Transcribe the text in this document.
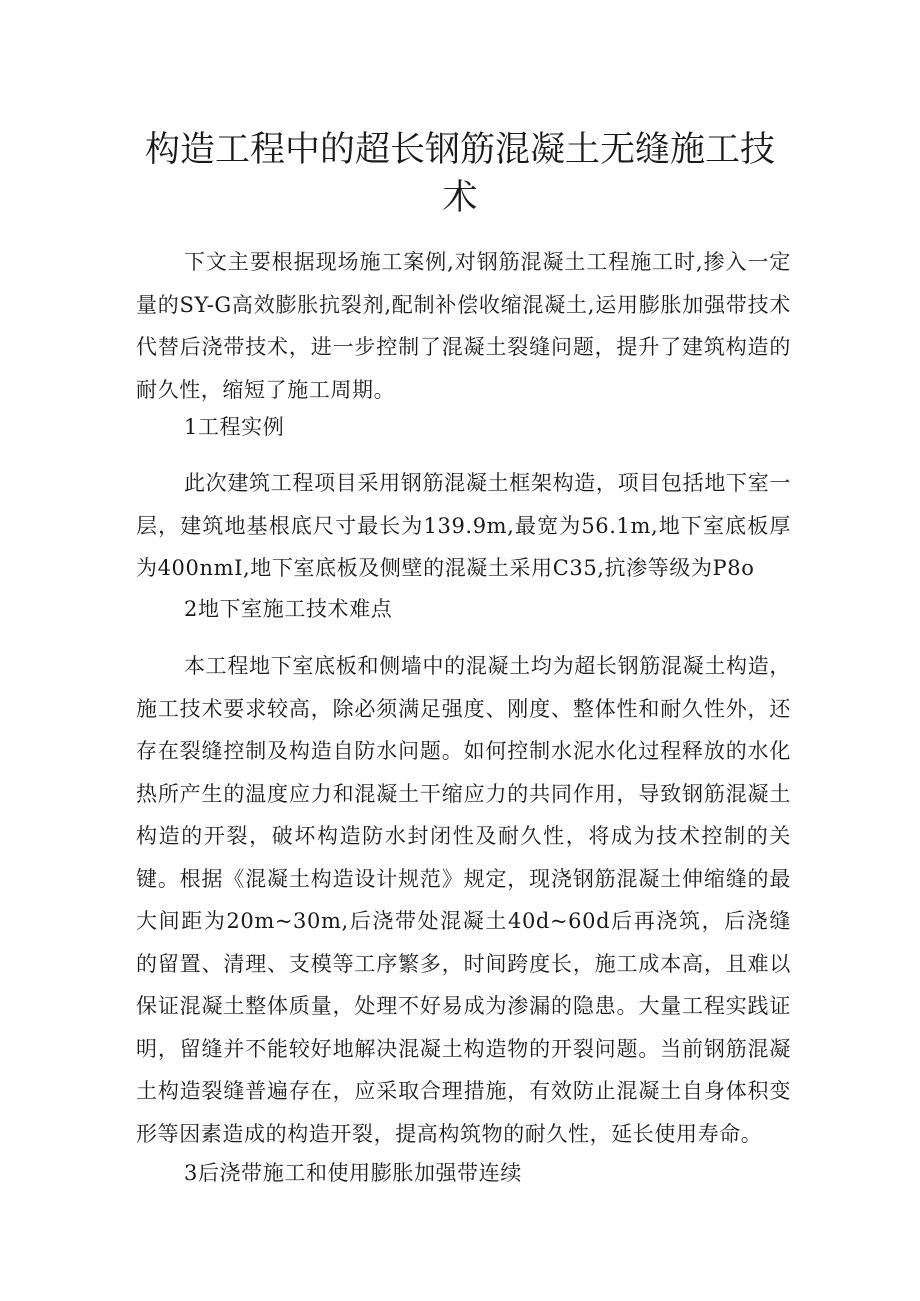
构造工程中的超长钢筋混凝土无缝施工技术

下文主要根据现场施工案例,对钢筋混凝土工程施工时,掺入一定量的SY-G高效膨胀抗裂剂,配制补偿收缩混凝土,运用膨胀加强带技术代替后浇带技术，进一步控制了混凝土裂缝问题，提升了建筑构造的耐久性，缩短了施工周期。

1工程实例

此次建筑工程项目采用钢筋混凝土框架构造，项目包括地下室一层，建筑地基根底尺寸最长为139.9m,最宽为56.1m,地下室底板厚为400nmI,地下室底板及侧壁的混凝土采用C35,抗渗等级为P8o

2地下室施工技术难点

本工程地下室底板和侧墙中的混凝土均为超长钢筋混凝土构造，施工技术要求较高，除必须满足强度、刚度、整体性和耐久性外，还存在裂缝控制及构造自防水问题。如何控制水泥水化过程释放的水化热所产生的温度应力和混凝土干缩应力的共同作用，导致钢筋混凝土构造的开裂，破坏构造防水封闭性及耐久性，将成为技术控制的关键。根据《混凝土构造设计规范》规定，现浇钢筋混凝土伸缩缝的最大间距为20m~30m,后浇带处混凝土40d~60d后再浇筑，后浇缝的留置、清理、支模等工序繁多，时间跨度长，施工成本高，且难以保证混凝土整体质量，处理不好易成为渗漏的隐患。大量工程实践证明，留缝并不能较好地解决混凝土构造物的开裂问题。当前钢筋混凝土构造裂缝普遍存在，应采取合理措施，有效防止混凝土自身体积变形等因素造成的构造开裂，提高构筑物的耐久性，延长使用寿命。

3后浇带施工和使用膨胀加强带连续
